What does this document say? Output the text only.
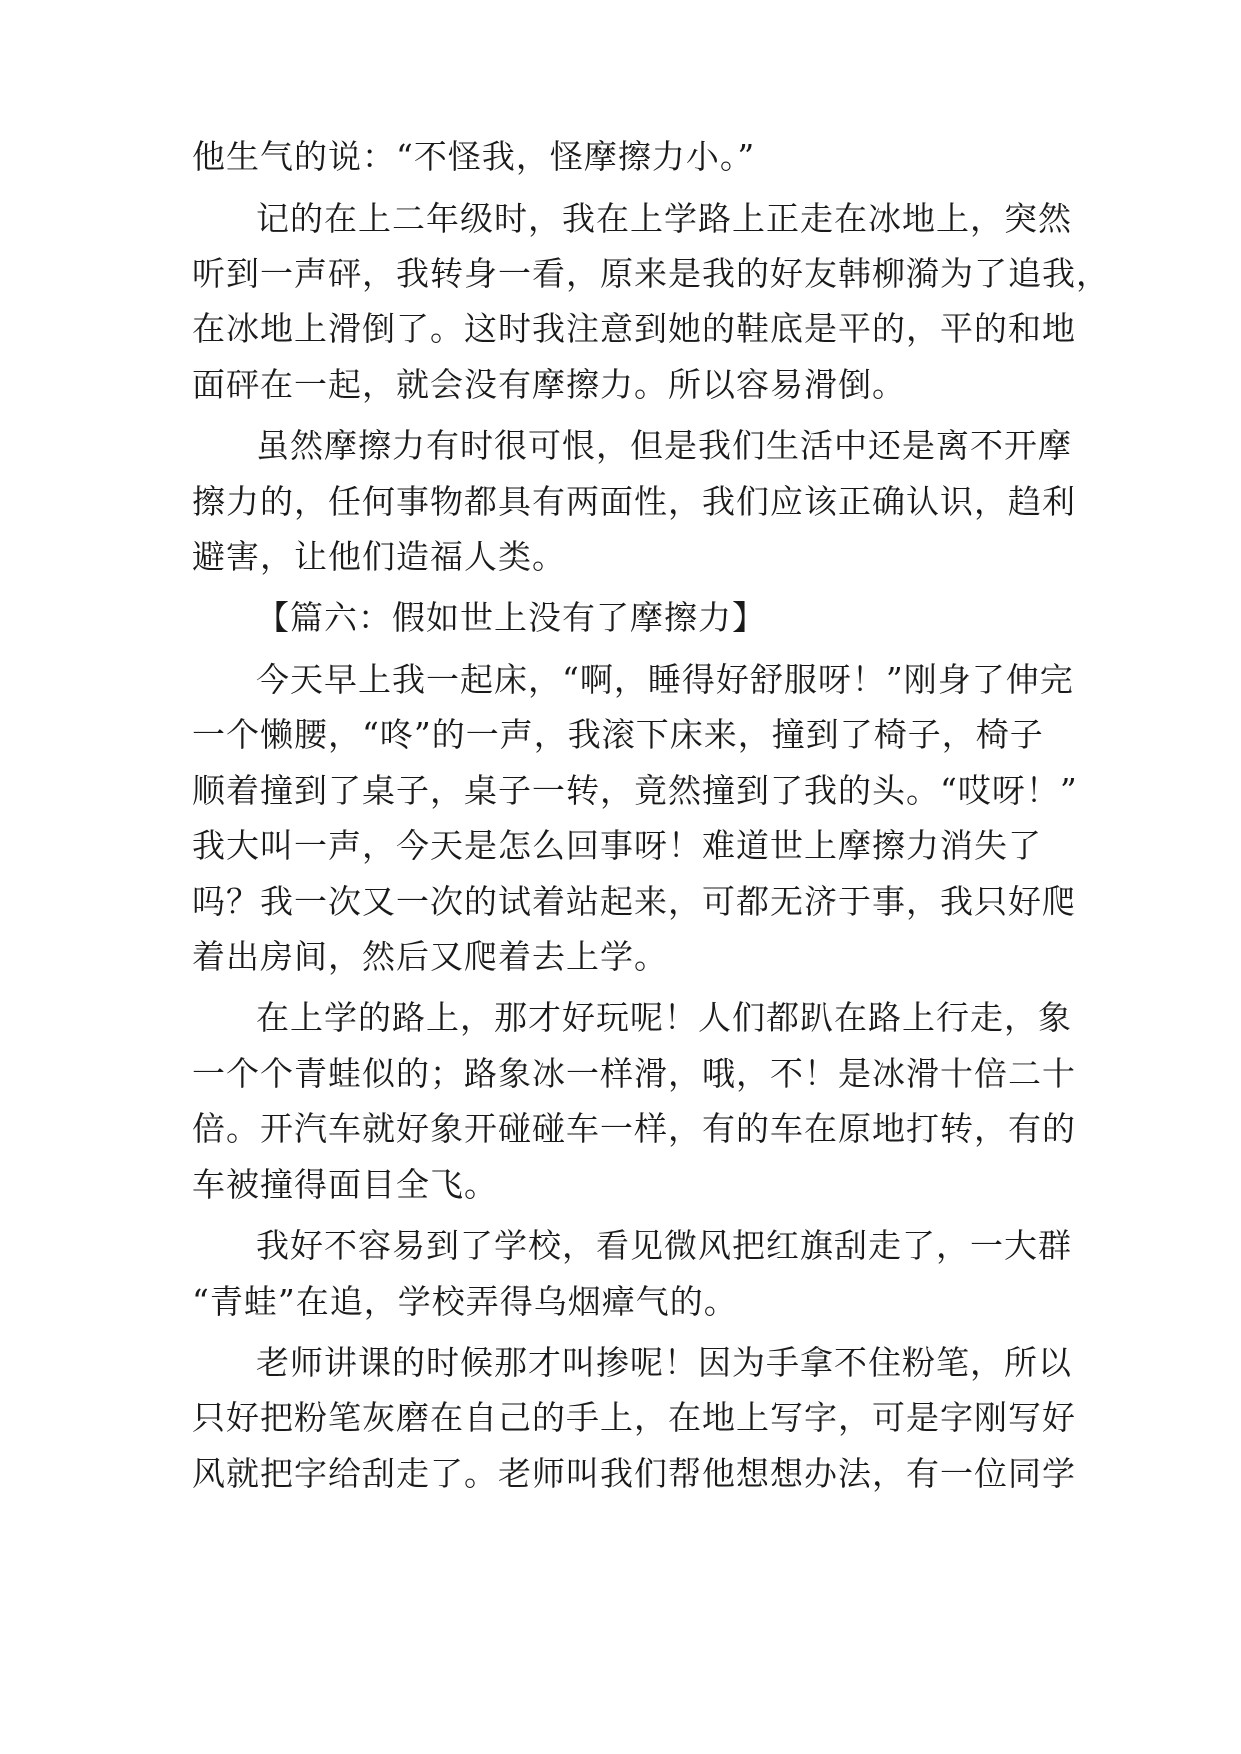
他生气的说：“不怪我，怪摩擦力小。”
记的在上二年级时，我在上学路上正走在冰地上，突然
听到一声砰，我转身一看，原来是我的好友韩柳漪为了追我，
在冰地上滑倒了。这时我注意到她的鞋底是平的，平的和地
面砰在一起，就会没有摩擦力。所以容易滑倒。
虽然摩擦力有时很可恨，但是我们生活中还是离不开摩
擦力的，任何事物都具有两面性，我们应该正确认识，趋利
避害，让他们造福人类。
【篇六：假如世上没有了摩擦力】
今天早上我一起床，“啊，睡得好舒服呀！”刚身了伸完
一个懒腰，“咚”的一声，我滚下床来，撞到了椅子，椅子
顺着撞到了桌子，桌子一转，竟然撞到了我的头。“哎呀！”
我大叫一声，今天是怎么回事呀！难道世上摩擦力消失了
吗？我一次又一次的试着站起来，可都无济于事，我只好爬
着出房间，然后又爬着去上学。
在上学的路上，那才好玩呢！人们都趴在路上行走，象
一个个青蛙似的；路象冰一样滑，哦，不！是冰滑十倍二十
倍。开汽车就好象开碰碰车一样，有的车在原地打转，有的
车被撞得面目全飞。
我好不容易到了学校，看见微风把红旗刮走了，一大群
“青蛙”在追，学校弄得乌烟瘴气的。
老师讲课的时候那才叫掺呢！因为手拿不住粉笔，所以
只好把粉笔灰磨在自己的手上，在地上写字，可是字刚写好
风就把字给刮走了。老师叫我们帮他想想办法，有一位同学
